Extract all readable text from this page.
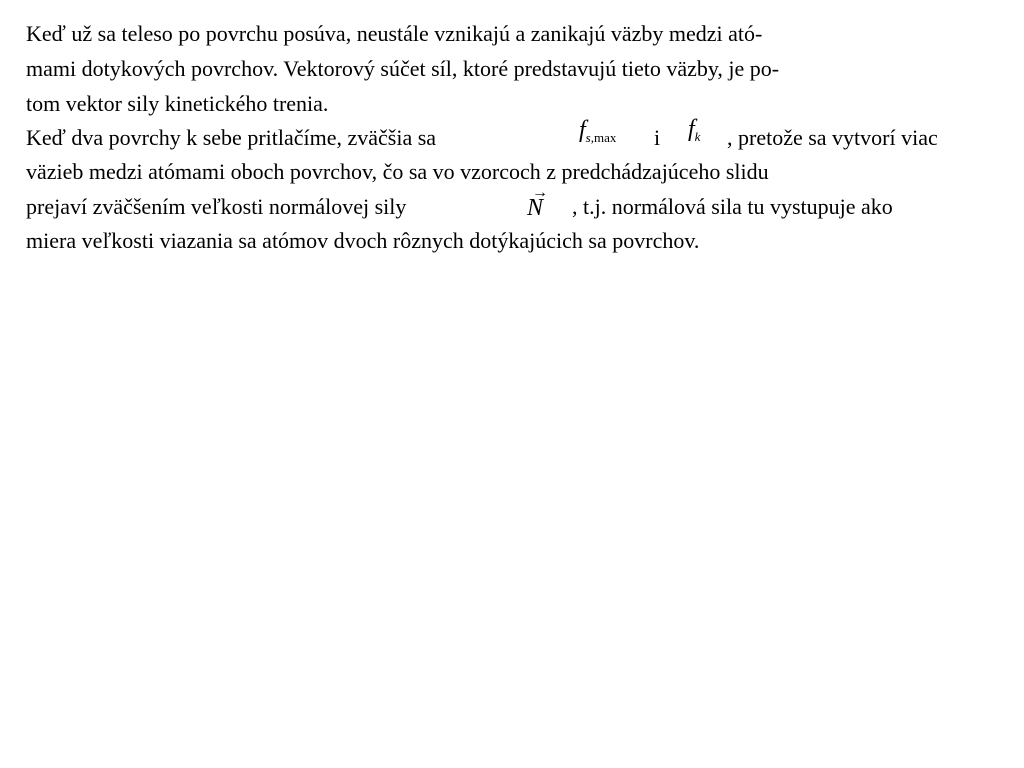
Keď už sa teleso po povrchu posúva, neustále vznikajú a zanikajú väzby medzi ató-
mami dotykových povrchov. Vektorový súčet síl, ktoré predstavujú tieto väzby, je po-
tom vektor sily kinetického trenia.
Keď dva povrchy k sebe pritlačíme, zväčšia sa	$f_{s,max}$ i $f_k$ , pretože sa vytvorí viac
väzieb medzi atómami oboch povrchov, čo sa vo vzorcoch z predchádzajúceho slidu
prejaví zväčšením veľkosti normálovej sily
→
N , t.j. normálová sila tu vystupuje ako
miera veľkosti viazania sa atómov dvoch rôznych dotýkajúcich sa povrchov.
